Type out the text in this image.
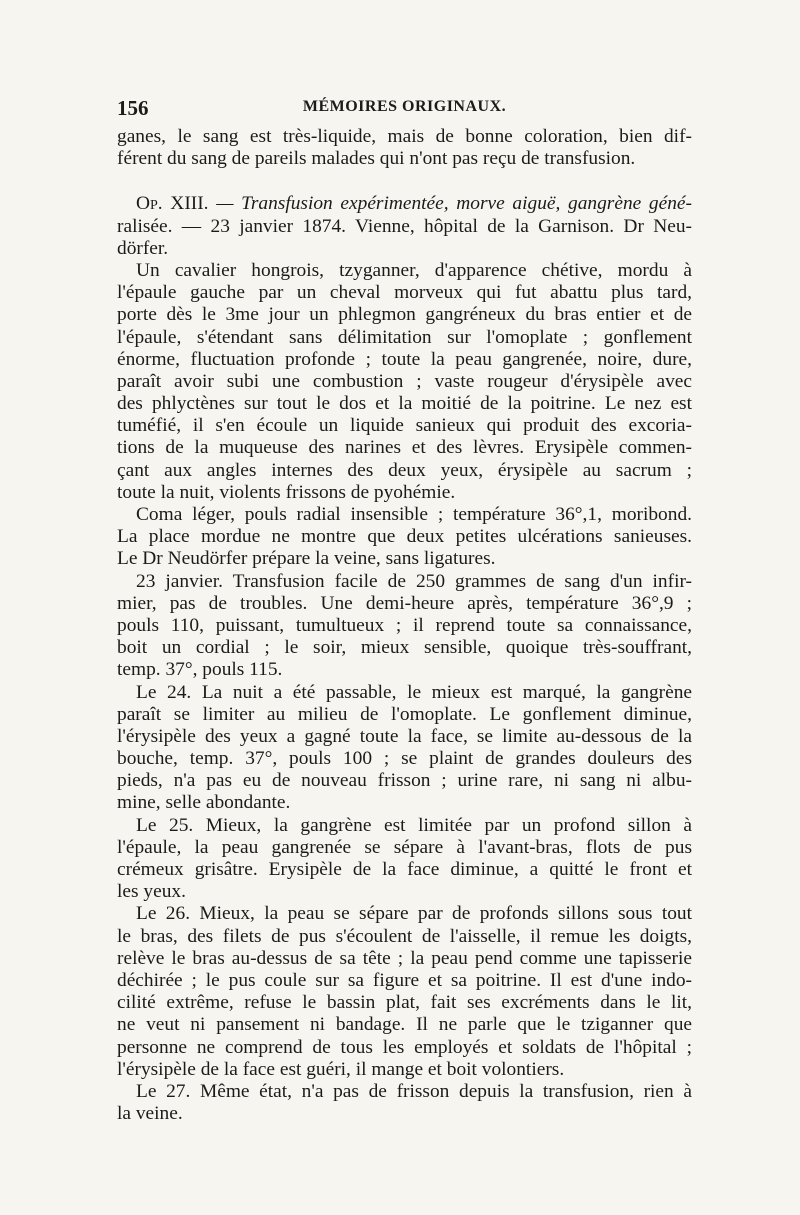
156	MÉMOIRES ORIGINAUX.
ganes, le sang est très-liquide, mais de bonne coloration, bien dif-
férent du sang de pareils malades qui n'ont pas reçu de transfusion.
Op. XIII. — Transfusion expérimentée, morve aiguë, gangrène géné-
ralisée. — 23 janvier 1874. Vienne, hôpital de la Garnison. Dr Neu-
dörfer.
Un cavalier hongrois, tzyganner, d'apparence chétive, mordu à
l'épaule gauche par un cheval morveux qui fut abattu plus tard,
porte dès le 3me jour un phlegmon gangréneux du bras entier et de
l'épaule, s'étendant sans délimitation sur l'omoplate ; gonflement
énorme, fluctuation profonde ; toute la peau gangrenée, noire, dure,
paraît avoir subi une combustion ; vaste rougeur d'érysipèle avec
des phlyctènes sur tout le dos et la moitié de la poitrine. Le nez est
tuméfié, il s'en écoule un liquide sanieux qui produit des excoria-
tions de la muqueuse des narines et des lèvres. Erysipèle commen-
çant aux angles internes des deux yeux, érysipèle au sacrum ;
toute la nuit, violents frissons de pyohémie.
Coma léger, pouls radial insensible ; température 36°,1, moribond.
La place mordue ne montre que deux petites ulcérations sanieuses.
Le Dr Neudörfer prépare la veine, sans ligatures.
23 janvier. Transfusion facile de 250 grammes de sang d'un infir-
mier, pas de troubles. Une demi-heure après, température 36°,9 ;
pouls 110, puissant, tumultueux ; il reprend toute sa connaissance,
boit un cordial ; le soir, mieux sensible, quoique très-souffrant,
temp. 37°, pouls 115.
Le 24. La nuit a été passable, le mieux est marqué, la gangrène
paraît se limiter au milieu de l'omoplate. Le gonflement diminue,
l'érysipèle des yeux a gagné toute la face, se limite au-dessous de la
bouche, temp. 37°, pouls 100 ; se plaint de grandes douleurs des
pieds, n'a pas eu de nouveau frisson ; urine rare, ni sang ni albu-
mine, selle abondante.
Le 25. Mieux, la gangrène est limitée par un profond sillon à
l'épaule, la peau gangrenée se sépare à l'avant-bras, flots de pus
crémeux grisâtre. Erysipèle de la face diminue, a quitté le front et
les yeux.
Le 26. Mieux, la peau se sépare par de profonds sillons sous tout
le bras, des filets de pus s'écoulent de l'aisselle, il remue les doigts,
relève le bras au-dessus de sa tête ; la peau pend comme une tapisserie
déchirée ; le pus coule sur sa figure et sa poitrine. Il est d'une indo-
cilité extrême, refuse le bassin plat, fait ses excréments dans le lit,
ne veut ni pansement ni bandage. Il ne parle que le tziganner que
personne ne comprend de tous les employés et soldats de l'hôpital ;
l'érysipèle de la face est guéri, il mange et boit volontiers.
Le 27. Même état, n'a pas de frisson depuis la transfusion, rien à
la veine.
